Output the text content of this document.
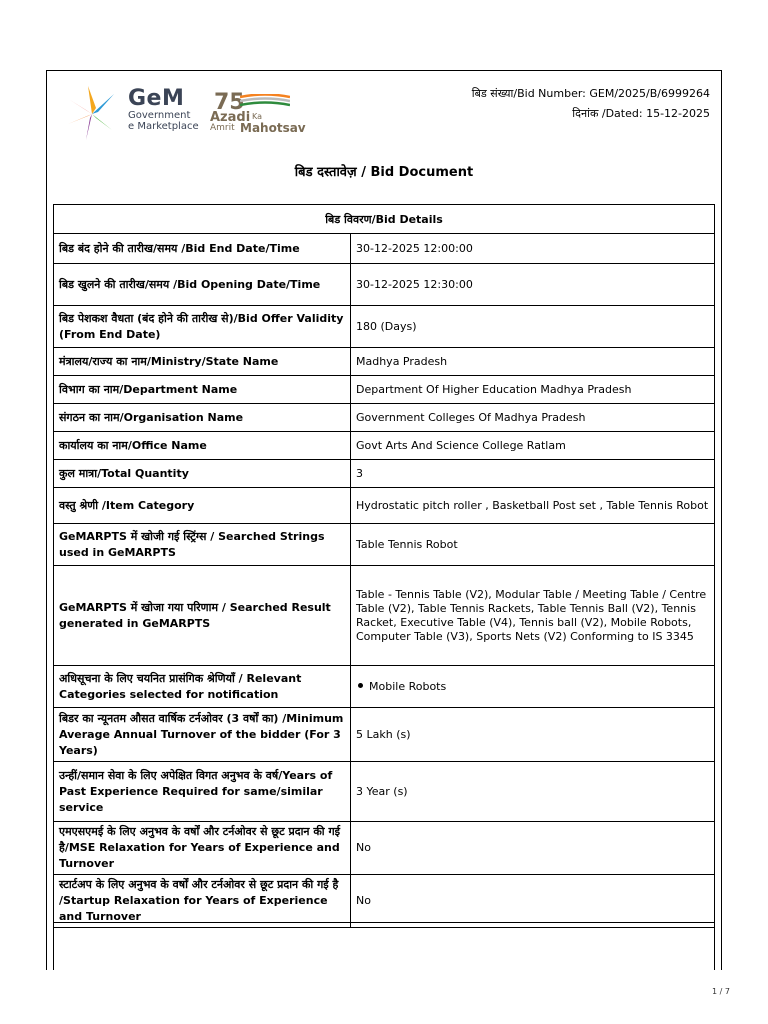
GeM
Government
e Marketplace
75
Azadi Ka
Amrit Mahotsav
बिड संख्या/Bid Number: GEM/2025/B/6999264
दिनांक /Dated: 15-12-2025
बिड दस्तावेज़ / Bid Document
बिड विवरण/Bid Details	
बिड बंद होने की तारीख/समय /Bid End Date/Time	30-12-2025 12:00:00
बिड खुलने की तारीख/समय /Bid Opening Date/Time	30-12-2025 12:30:00
बिड पेशकश वैधता (बंद होने की तारीख से)/Bid Offer Validity (From End Date)	180 (Days)
मंत्रालय/राज्य का नाम/Ministry/State Name	Madhya Pradesh
विभाग का नाम/Department Name	Department Of Higher Education Madhya Pradesh
संगठन का नाम/Organisation Name	Government Colleges Of Madhya Pradesh
कार्यालय का नाम/Office Name	Govt Arts And Science College Ratlam
कुल मात्रा/Total Quantity	3
वस्तु श्रेणी /Item Category	Hydrostatic pitch roller , Basketball Post set , Table Tennis Robot
GeMARPTS में खोजी गई स्ट्रिंग्स / Searched Strings used in GeMARPTS	Table Tennis Robot
GeMARPTS में खोजा गया परिणाम / Searched Result generated in GeMARPTS	Table - Tennis Table (V2), Modular Table / Meeting Table / Centre Table (V2), Table Tennis Rackets, Table Tennis Ball (V2), Tennis Racket, Executive Table (V4), Tennis ball (V2), Mobile Robots, Computer Table (V3), Sports Nets (V2) Conforming to IS 3345
अधिसूचना के लिए चयनित प्रासंगिक श्रेणियाँ / Relevant Categories selected for notification	Mobile Robots
बिडर का न्यूनतम औसत वार्षिक टर्नओवर (3 वर्षों का) /Minimum Average Annual Turnover of the bidder (For 3 Years)	5 Lakh (s)
उन्हीं/समान सेवा के लिए अपेक्षित विगत अनुभव के वर्ष/Years of Past Experience Required for same/similar service	3 Year (s)
एमएसएमई के लिए अनुभव के वर्षों और टर्नओवर से छूट प्रदान की गई है/MSE Relaxation for Years of Experience and Turnover	No
स्टार्टअप के लिए अनुभव के वर्षों और टर्नओवर से छूट प्रदान की गई है /Startup Relaxation for Years of Experience and Turnover	No
1 / 7
